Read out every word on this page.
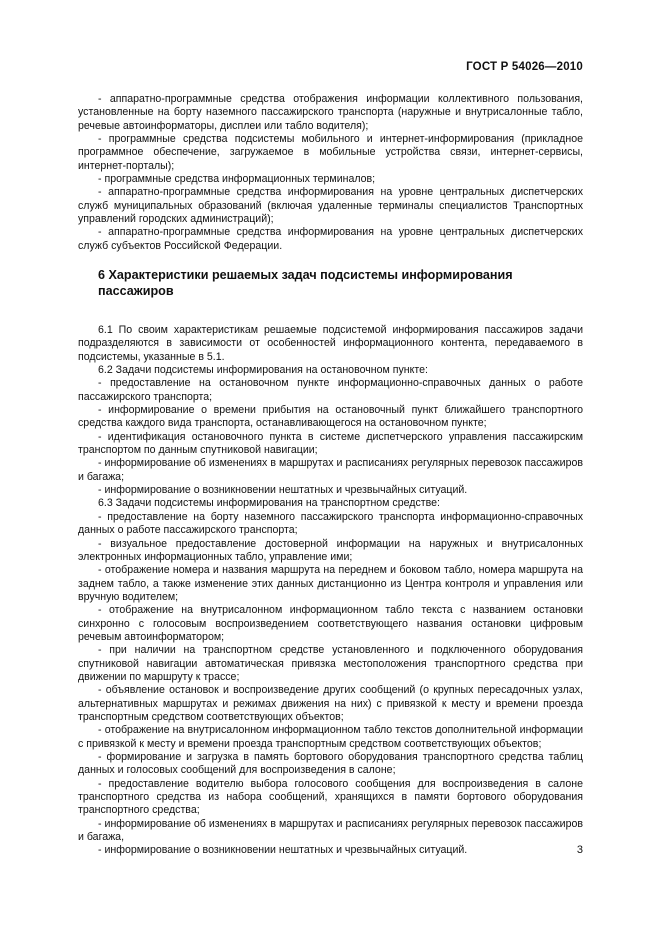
ГОСТ Р 54026—2010

- аппаратно-программные средства отображения информации коллективного пользования, установленные на борту наземного пассажирского транспорта (наружные и внутрисалонные табло, речевые автоинформаторы, дисплеи или табло водителя);

- программные средства подсистемы мобильного и интернет-информирования (прикладное программное обеспечение, загружаемое в мобильные устройства связи, интернет-сервисы, интернет-порталы);

- программные средства информационных терминалов;

- аппаратно-программные средства информирования на уровне центральных диспетчерских служб муниципальных образований (включая удаленные терминалы специалистов Транспортных управлений городских администраций);

- аппаратно-программные средства информирования на уровне центральных диспетчерских служб субъектов Российской Федерации.

6 Характеристики решаемых задач подсистемы информирования пассажиров

6.1 По своим характеристикам решаемые подсистемой информирования пассажиров задачи подразделяются в зависимости от особенностей информационного контента, передаваемого в подсистемы, указанные в 5.1.

6.2 Задачи подсистемы информирования на остановочном пункте:

- предоставление на остановочном пункте информационно-справочных данных о работе пассажирского транспорта;

- информирование о времени прибытия на остановочный пункт ближайшего транспортного средства каждого вида транспорта, останавливающегося на остановочном пункте;

- идентификация остановочного пункта в системе диспетчерского управления пассажирским транспортом по данным спутниковой навигации;

- информирование об изменениях в маршрутах и расписаниях регулярных перевозок пассажиров и багажа;

- информирование о возникновении нештатных и чрезвычайных ситуаций.

6.3 Задачи подсистемы информирования на транспортном средстве:

- предоставление на борту наземного пассажирского транспорта информационно-справочных данных о работе пассажирского транспорта;

- визуальное предоставление достоверной информации на наружных и внутрисалонных электронных информационных табло, управление ими;

- отображение номера и названия маршрута на переднем и боковом табло, номера маршрута на заднем табло, а также изменение этих данных дистанционно из Центра контроля и управления или вручную водителем;

- отображение на внутрисалонном информационном табло текста с названием остановки синхронно с голосовым воспроизведением соответствующего названия остановки цифровым речевым автоинформатором;

- при наличии на транспортном средстве установленного и подключенного оборудования спутниковой навигации автоматическая привязка местоположения транспортного средства при движении по маршруту к трассе;

- объявление остановок и воспроизведение других сообщений (о крупных пересадочных узлах, альтернативных маршрутах и режимах движения на них) с привязкой к месту и времени проезда транспортным средством соответствующих объектов;

- отображение на внутрисалонном информационном табло текстов дополнительной информации с привязкой к месту и времени проезда транспортным средством соответствующих объектов;

- формирование и загрузка в память бортового оборудования транспортного средства таблиц данных и голосовых сообщений для воспроизведения в салоне;

- предоставление водителю выбора голосового сообщения для воспроизведения в салоне транспортного средства из набора сообщений, хранящихся в памяти бортового оборудования транспортного средства;

- информирование об изменениях в маршрутах и расписаниях регулярных перевозок пассажиров и багажа,

- информирование о возникновении нештатных и чрезвычайных ситуаций.	3
